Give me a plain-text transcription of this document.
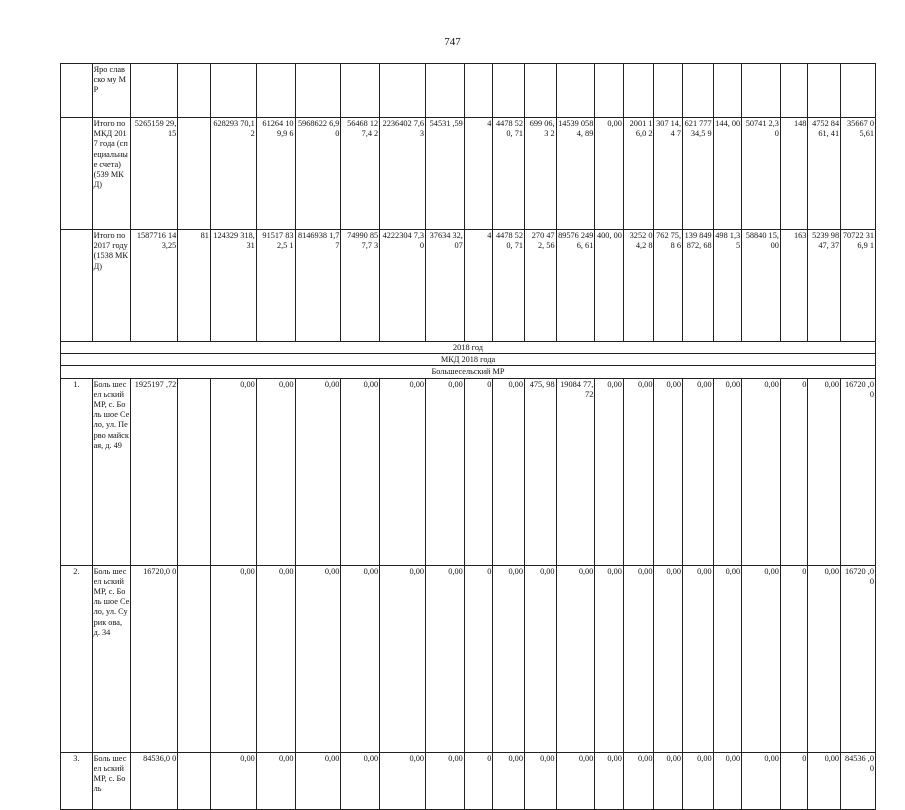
747
	Яро слав ско му МР																					
	Итого по МКД 2017 года (специальные счета) (539 МКД)	5265159 29,15		628293 70,12	61264 109,9 6	5968622 6,90	56468 127,4 2	2236402 7,63	54531 ,59	4	4478 520, 71	699 06,3 2	14539 0584, 89	0,00	2001 16,0 2	307 14,4 7	621 777 34,5 9	144, 00	50741 2,30	148	4752 8461, 41	35667 05,61
	Итого по 2017 году (1538 МКД)	1587716 143,25	81	124329 318,31	91517 832,5 1	8146938 1,77	74990 857,7 3	4222304 7,30	37634 32,07	4	4478 520, 71	270 472, 56	89576 2496, 61	400, 00	3252 04,2 8	762 75,8 6	139 849 872, 68	498 1,35	58840 15,00	163	5239 9847, 37	70722 316,9 1
2018 год																						
МКД 2018 года																						
Большесельский МР																						
1.	Боль шесел ьский МР, с. Боль шое Село, ул. Перво майск ая, д. 49	1925197 ,72		0,00	0,00	0,00	0,00	0,00	0,00	0	0,00	475, 98	19084 77,72	0,00	0,00	0,00	0,00	0,00	0,00	0	0,00	16720 ,00
2.	Боль шесел ьский МР, с. Боль шое Село, ул. Сурик ова, д. 34	16720,0 0		0,00	0,00	0,00	0,00	0,00	0,00	0	0,00	0,00	0,00	0,00	0,00	0,00	0,00	0,00	0,00	0	0,00	16720 ,00
3.	Боль шесел ьский МР, с. Боль	84536,0 0		0,00	0,00	0,00	0,00	0,00	0,00	0	0,00	0,00	0,00	0,00	0,00	0,00	0,00	0,00	0,00	0	0,00	84536 ,00
